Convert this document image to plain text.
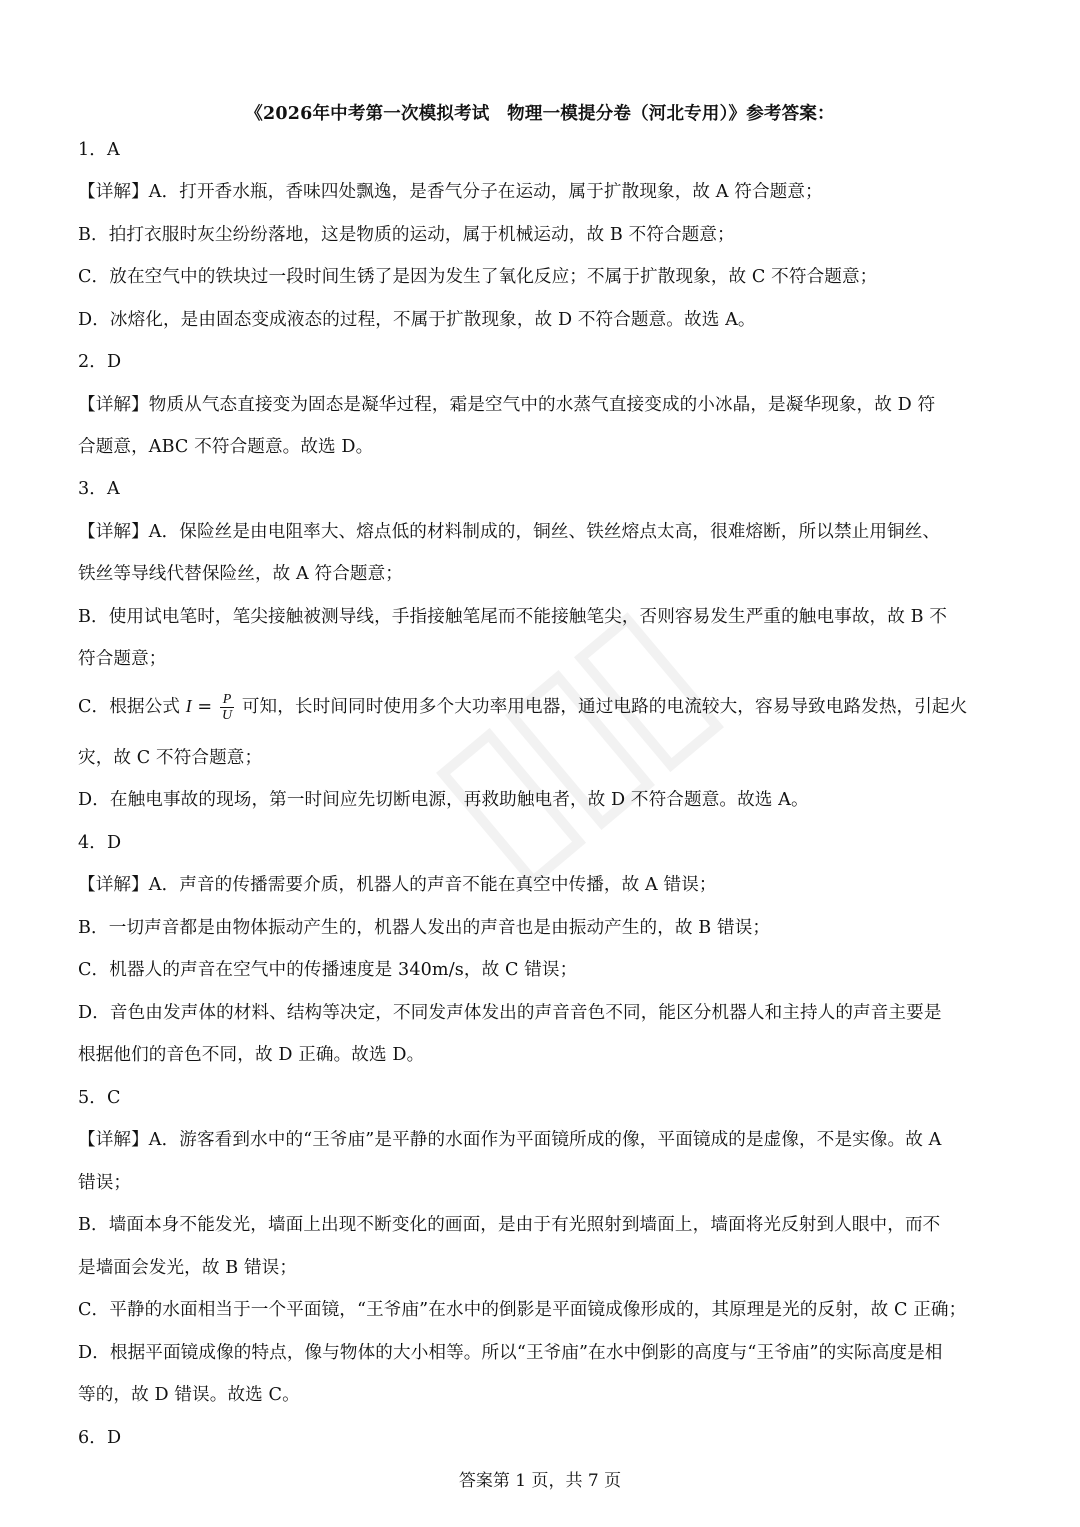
《2026年中考第一次模拟考试　物理一模提分卷（河北专用）》参考答案：
1．A
【详解】A．打开香水瓶，香味四处飘逸，是香气分子在运动，属于扩散现象，故 A 符合题意；
B．拍打衣服时灰尘纷纷落地，这是物质的运动，属于机械运动，故 B 不符合题意；
C．放在空气中的铁块过一段时间生锈了是因为发生了氧化反应；不属于扩散现象，故 C 不符合题意；
D．冰熔化，是由固态变成液态的过程，不属于扩散现象，故 D 不符合题意。故选 A。
2．D
【详解】物质从气态直接变为固态是凝华过程，霜是空气中的水蒸气直接变成的小冰晶，是凝华现象，故 D 符
合题意，ABC 不符合题意。故选 D。
3．A
【详解】A．保险丝是由电阻率大、熔点低的材料制成的，铜丝、铁丝熔点太高，很难熔断，所以禁止用铜丝、
铁丝等导线代替保险丝，故 A 符合题意；
B．使用试电笔时，笔尖接触被测导线，手指接触笔尾而不能接触笔尖，否则容易发生严重的触电事故，故 B 不
符合题意；
C．根据公式 $I = \frac{P}{U}$ 可知，长时间同时使用多个大功率用电器，通过电路的电流较大，容易导致电路发热，引起火
灾，故 C 不符合题意；
D．在触电事故的现场，第一时间应先切断电源，再救助触电者，故 D 不符合题意。故选 A。
4．D
【详解】A．声音的传播需要介质，机器人的声音不能在真空中传播，故 A 错误；
B．一切声音都是由物体振动产生的，机器人发出的声音也是由振动产生的，故 B 错误；
C．机器人的声音在空气中的传播速度是 340m/s，故 C 错误；
D．音色由发声体的材料、结构等决定，不同发声体发出的声音音色不同，能区分机器人和主持人的声音主要是
根据他们的音色不同，故 D 正确。故选 D。
5．C
【详解】A．游客看到水中的“王爷庙”是平静的水面作为平面镜所成的像，平面镜成的是虚像，不是实像。故 A
错误；
B．墙面本身不能发光，墙面上出现不断变化的画面，是由于有光照射到墙面上，墙面将光反射到人眼中，而不
是墙面会发光，故 B 错误；
C．平静的水面相当于一个平面镜，“王爷庙”在水中的倒影是平面镜成像形成的，其原理是光的反射，故 C 正确；
D．根据平面镜成像的特点，像与物体的大小相等。所以“王爷庙”在水中倒影的高度与“王爷庙”的实际高度是相
等的，故 D 错误。故选 C。
6．D
答案第 1 页，共 7 页
